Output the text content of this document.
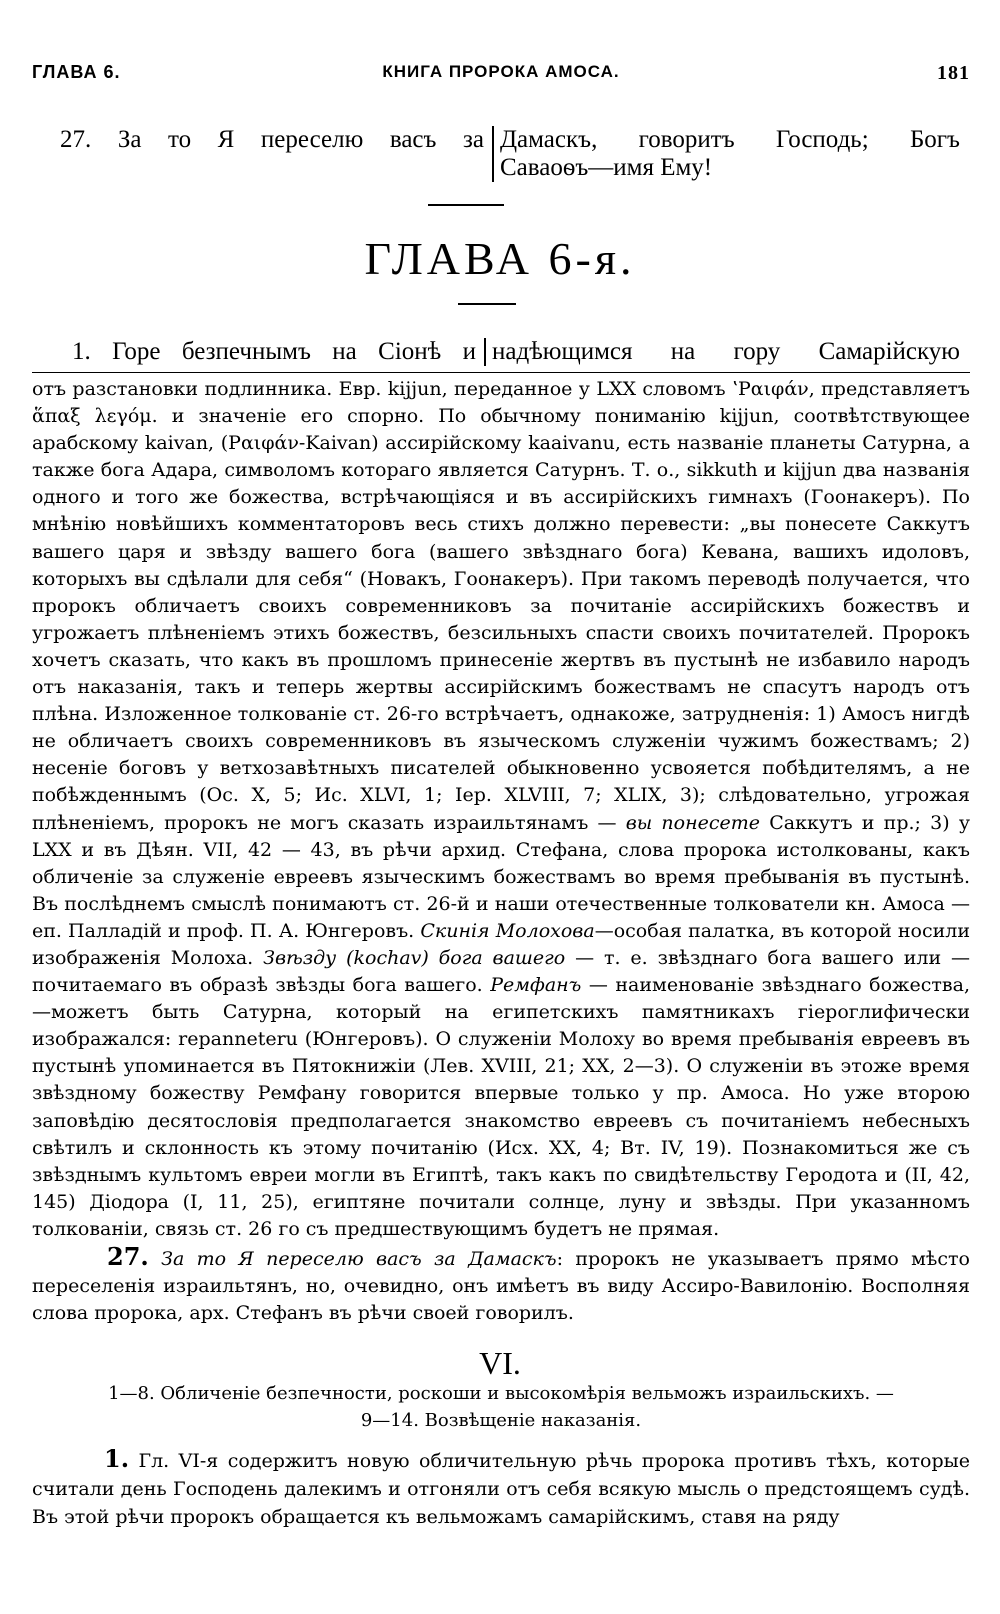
ГЛАВА 6.	КНИГА ПРОРОКА АМОСА.	181
27. За то Я переселю васъ за Дамаскъ, говоритъ Господь; Богъ
Саваоѳъ—имя Ему!
ГЛАВА 6-я.
1. Горе безпечнымъ на Сіонѣ и надѣющимся на гору Самарійскую

отъ разстановки подлинника. Евр. kijjun, переданное у LXX словомъ ʽΡαιφάν, представляетъ ἅπαξ λεγόμ. и значеніе его спорно. По обычному пониманію kijjun, соотвѣтствующее арабскому kaivan, (Ραιφάν-Kaivan) ассирійскому kaaivanu, есть названіе планеты Сатурна, а также бога Адара, символомъ котораго является Сатурнъ. Т. о., sikkuth и kijjun два названія одного и того же божества, встрѣчающіяся и въ ассирійскихъ гимнахъ (Гоонакеръ). По мнѣнію новѣйшихъ комментаторовъ весь стихъ должно перевести: „вы понесете Саккутъ вашего царя и звѣзду вашего бога (вашего звѣзднаго бога) Кевана, вашихъ идоловъ, которыхъ вы сдѣлали для себя“ (Новакъ, Гоонакеръ). При такомъ переводѣ получается, что пророкъ обличаетъ своихъ современниковъ за почитаніе ассирійскихъ божествъ и угрожаетъ плѣненіемъ этихъ божествъ, безсильныхъ спасти своихъ почитателей. Пророкъ хочетъ сказать, что какъ въ прошломъ принесеніе жертвъ въ пустынѣ не избавило народъ отъ наказанія, такъ и теперь жертвы ассирійскимъ божествамъ не спасутъ народъ отъ плѣна. Изложенное толкованіе ст. 26-го встрѣчаетъ, однакоже, затрудненія: 1) Амосъ нигдѣ не обличаетъ своихъ современниковъ въ языческомъ служеніи чужимъ божествамъ; 2) несеніе боговъ у ветхозавѣтныхъ писателей обыкновенно усвояется побѣдителямъ, а не побѣжденнымъ (Ос. X, 5; Ис. XLVI, 1; Іер. XLVIII, 7; XLIX, 3); слѣдовательно, угрожая плѣненіемъ, пророкъ не могъ сказать израильтянамъ — вы понесете Саккутъ и пр.; 3) у LXX и въ Дѣян. VII, 42 — 43, въ рѣчи архид. Стефана, слова пророка истолкованы, какъ обличеніе за служеніе евреевъ языческимъ божествамъ во время пребыванія въ пустынѣ. Въ послѣднемъ смыслѣ понимаютъ ст. 26-й и наши отечественные толкователи кн. Амоса — еп. Палладій и проф. П. А. Юнгеровъ. Скинія Молохова—особая палатка, въ которой носили изображенія Молоха. Звѣзду (kochav) бога вашего — т. е. звѣзднаго бога вашего или — почитаемаго въ образѣ звѣзды бога вашего. Ремфанъ — наименованіе звѣзднаго божества,—можетъ быть Сатурна, который на египетскихъ памятникахъ гіероглифически изображался: repanneteru (Юнгеровъ). О служеніи Молоху во время пребыванія евреевъ въ пустынѣ упоминается въ Пятокнижіи (Лев. XVIII, 21; XX, 2—3). О служеніи въ этоже время звѣздному божеству Ремфану говорится впервые только у пр. Амоса. Но уже второю заповѣдію десятословія предполагается знакомство евреевъ съ почитаніемъ небесныхъ свѣтилъ и склонность къ этому почитанію (Исх. XX, 4; Вт. IV, 19). Познакомиться же съ звѣзднымъ культомъ евреи могли въ Египтѣ, такъ какъ по свидѣтельству Геродота и (II, 42, 145) Діодора (I, 11, 25), египтяне почитали солнце, луну и звѣзды. При указанномъ толкованіи, связь ст. 26 го съ предшествующимъ будетъ не прямая.

27. За то Я переселю васъ за Дамаскъ: пророкъ не указываетъ прямо мѣсто переселенія израильтянъ, но, очевидно, онъ имѣетъ въ виду Ассиро-Вавилонію. Восполняя слова пророка, арх. Стефанъ въ рѣчи своей говорилъ.

VI.
1—8. Обличеніе безпечности, роскоши и высокомѣрія вельможъ израильскихъ. —
9—14. Возвѣщеніе наказанія.

1. Гл. VI-я содержитъ новую обличительную рѣчь пророка противъ тѣхъ, которые считали день Господень далекимъ и отгоняли отъ себя всякую мысль о предстоящемъ судѣ. Въ этой рѣчи пророкъ обращается къ вельможамъ самарійскимъ, ставя на ряду
